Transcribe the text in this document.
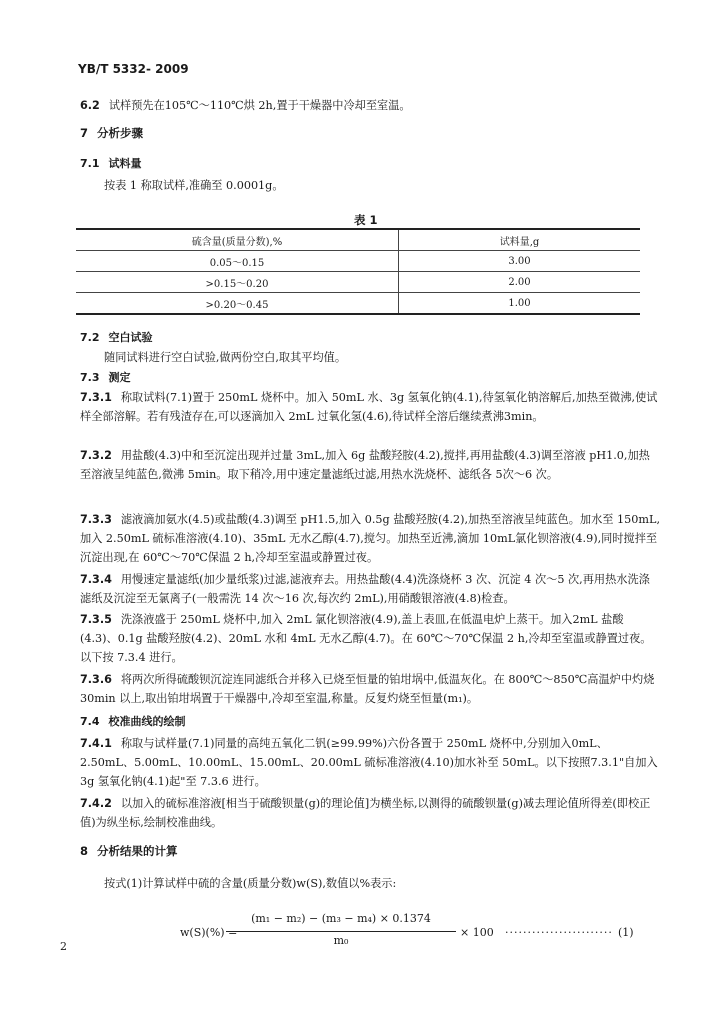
YB/T 5332- 2009
6.2 试样预先在105℃～110℃烘 2h,置于干燥器中冷却至室温。
7 分析步骤
7.1 试料量
按表 1 称取试样,准确至 0.0001g。
表 1
硫含量(质量分数),%	试料量,g
0.05～0.15	3.00
>0.15～0.20	2.00
>0.20～0.45	1.00
7.2 空白试验
随同试料进行空白试验,做两份空白,取其平均值。
7.3 测定
7.3.1 称取试料(7.1)置于 250mL 烧杯中。加入 50mL 水、3g 氢氧化钠(4.1),待氢氧化钠溶解后,加热至微沸,使试样全部溶解。若有残渣存在,可以逐滴加入 2mL 过氧化氢(4.6),待试样全溶后继续煮沸3min。
7.3.2 用盐酸(4.3)中和至沉淀出现并过量 3mL,加入 6g 盐酸羟胺(4.2),搅拌,再用盐酸(4.3)调至溶液 pH1.0,加热至溶液呈纯蓝色,微沸 5min。取下稍冷,用中速定量滤纸过滤,用热水洗烧杯、滤纸各 5次～6 次。
7.3.3 滤液滴加氨水(4.5)或盐酸(4.3)调至 pH1.5,加入 0.5g 盐酸羟胺(4.2),加热至溶液呈纯蓝色。加水至 150mL,加入 2.50mL 硫标准溶液(4.10)、35mL 无水乙醇(4.7),搅匀。加热至近沸,滴加 10mL氯化钡溶液(4.9),同时搅拌至沉淀出现,在 60℃～70℃保温 2 h,冷却至室温或静置过夜。
7.3.4 用慢速定量滤纸(加少量纸浆)过滤,滤液弃去。用热盐酸(4.4)洗涤烧杯 3 次、沉淀 4 次～5 次,再用热水洗涤滤纸及沉淀至无氯离子(一般需洗 14 次～16 次,每次约 2mL),用硝酸银溶液(4.8)检查。
7.3.5 洗涤液盛于 250mL 烧杯中,加入 2mL 氯化钡溶液(4.9),盖上表皿,在低温电炉上蒸干。加入2mL 盐酸(4.3)、0.1g 盐酸羟胺(4.2)、20mL 水和 4mL 无水乙醇(4.7)。在 60℃～70℃保温 2 h,冷却至室温或静置过夜。以下按 7.3.4 进行。
7.3.6 将两次所得硫酸钡沉淀连同滤纸合并移入已烧至恒量的铂坩埚中,低温灰化。在 800℃～850℃高温炉中灼烧 30min 以上,取出铂坩埚置于干燥器中,冷却至室温,称量。反复灼烧至恒量(m₁)。
7.4 校准曲线的绘制
7.4.1 称取与试样量(7.1)同量的高纯五氧化二钒(≥99.99%)六份各置于 250mL 烧杯中,分别加入0mL、2.50mL、5.00mL、10.00mL、15.00mL、20.00mL 硫标准溶液(4.10)加水补至 50mL。以下按照7.3.1"自加入 3g 氢氧化钠(4.1)起"至 7.3.6 进行。
7.4.2 以加入的硫标准溶液[相当于硫酸钡量(g)的理论值]为横坐标,以测得的硫酸钡量(g)减去理论值所得差(即校正值)为纵坐标,绘制校准曲线。
8 分析结果的计算
按式(1)计算试样中硫的含量(质量分数)w(S),数值以%表示:
w(S)(%) =
(m₁ − m₂) − (m₃ − m₄) × 0.1374
m₀
× 100 ························ (1)
2
